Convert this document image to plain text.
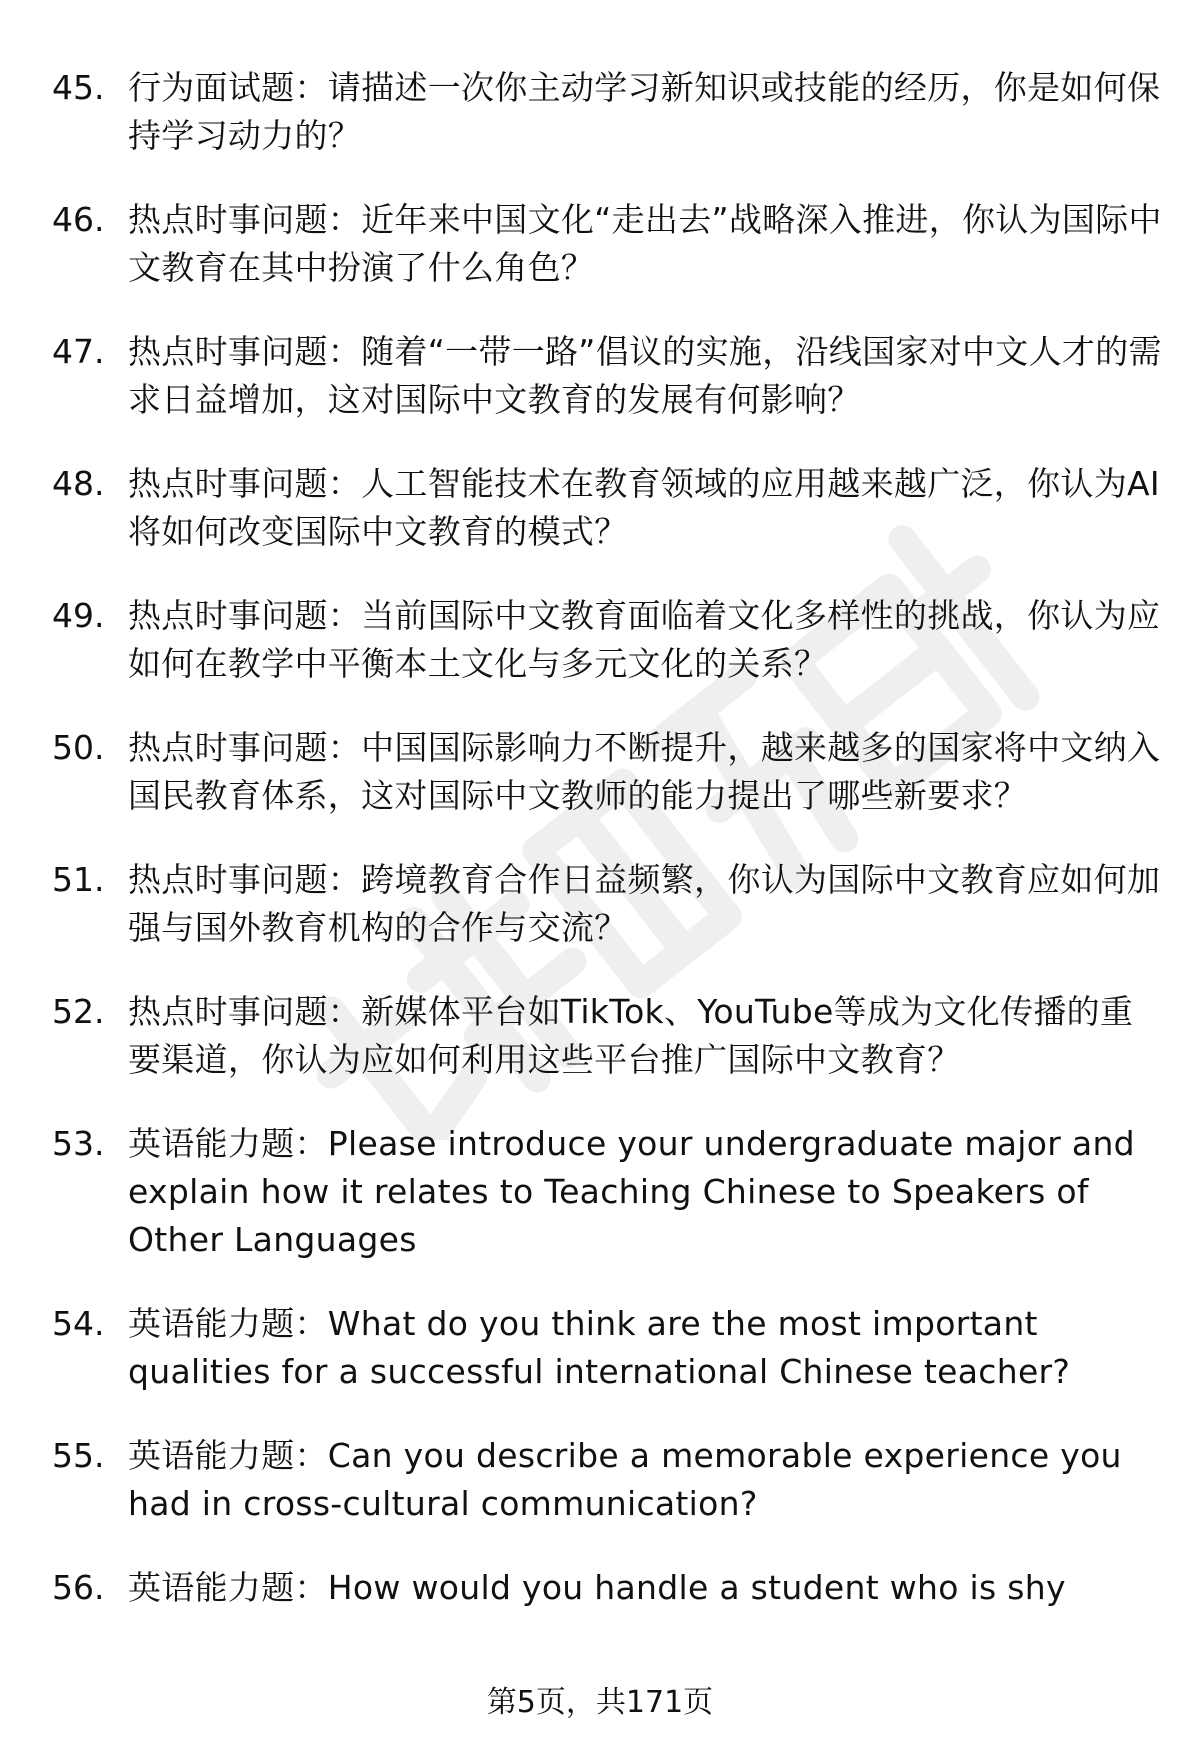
45. 行为面试题：请描述一次你主动学习新知识或技能的经历，你是如何保持学习动力的？
46. 热点时事问题：近年来中国文化“走出去”战略深入推进，你认为国际中文教育在其中扮演了什么角色？
47. 热点时事问题：随着“一带一路”倡议的实施，沿线国家对中文人才的需求日益增加，这对国际中文教育的发展有何影响？
48. 热点时事问题：人工智能技术在教育领域的应用越来越广泛，你认为AI将如何改变国际中文教育的模式？
49. 热点时事问题：当前国际中文教育面临着文化多样性的挑战，你认为应如何在教学中平衡本土文化与多元文化的关系？
50. 热点时事问题：中国国际影响力不断提升，越来越多的国家将中文纳入国民教育体系，这对国际中文教师的能力提出了哪些新要求？
51. 热点时事问题：跨境教育合作日益频繁，你认为国际中文教育应如何加强与国外教育机构的合作与交流？
52. 热点时事问题：新媒体平台如TikTok、YouTube等成为文化传播的重要渠道，你认为应如何利用这些平台推广国际中文教育？
53. 英语能力题：Please introduce your undergraduate major and explain how it relates to Teaching Chinese to Speakers of Other Languages
54. 英语能力题：What do you think are the most important qualities for a successful international Chinese teacher?
55. 英语能力题：Can you describe a memorable experience you had in cross-cultural communication?
56. 英语能力题：How would you handle a student who is shy
第5页，共171页
